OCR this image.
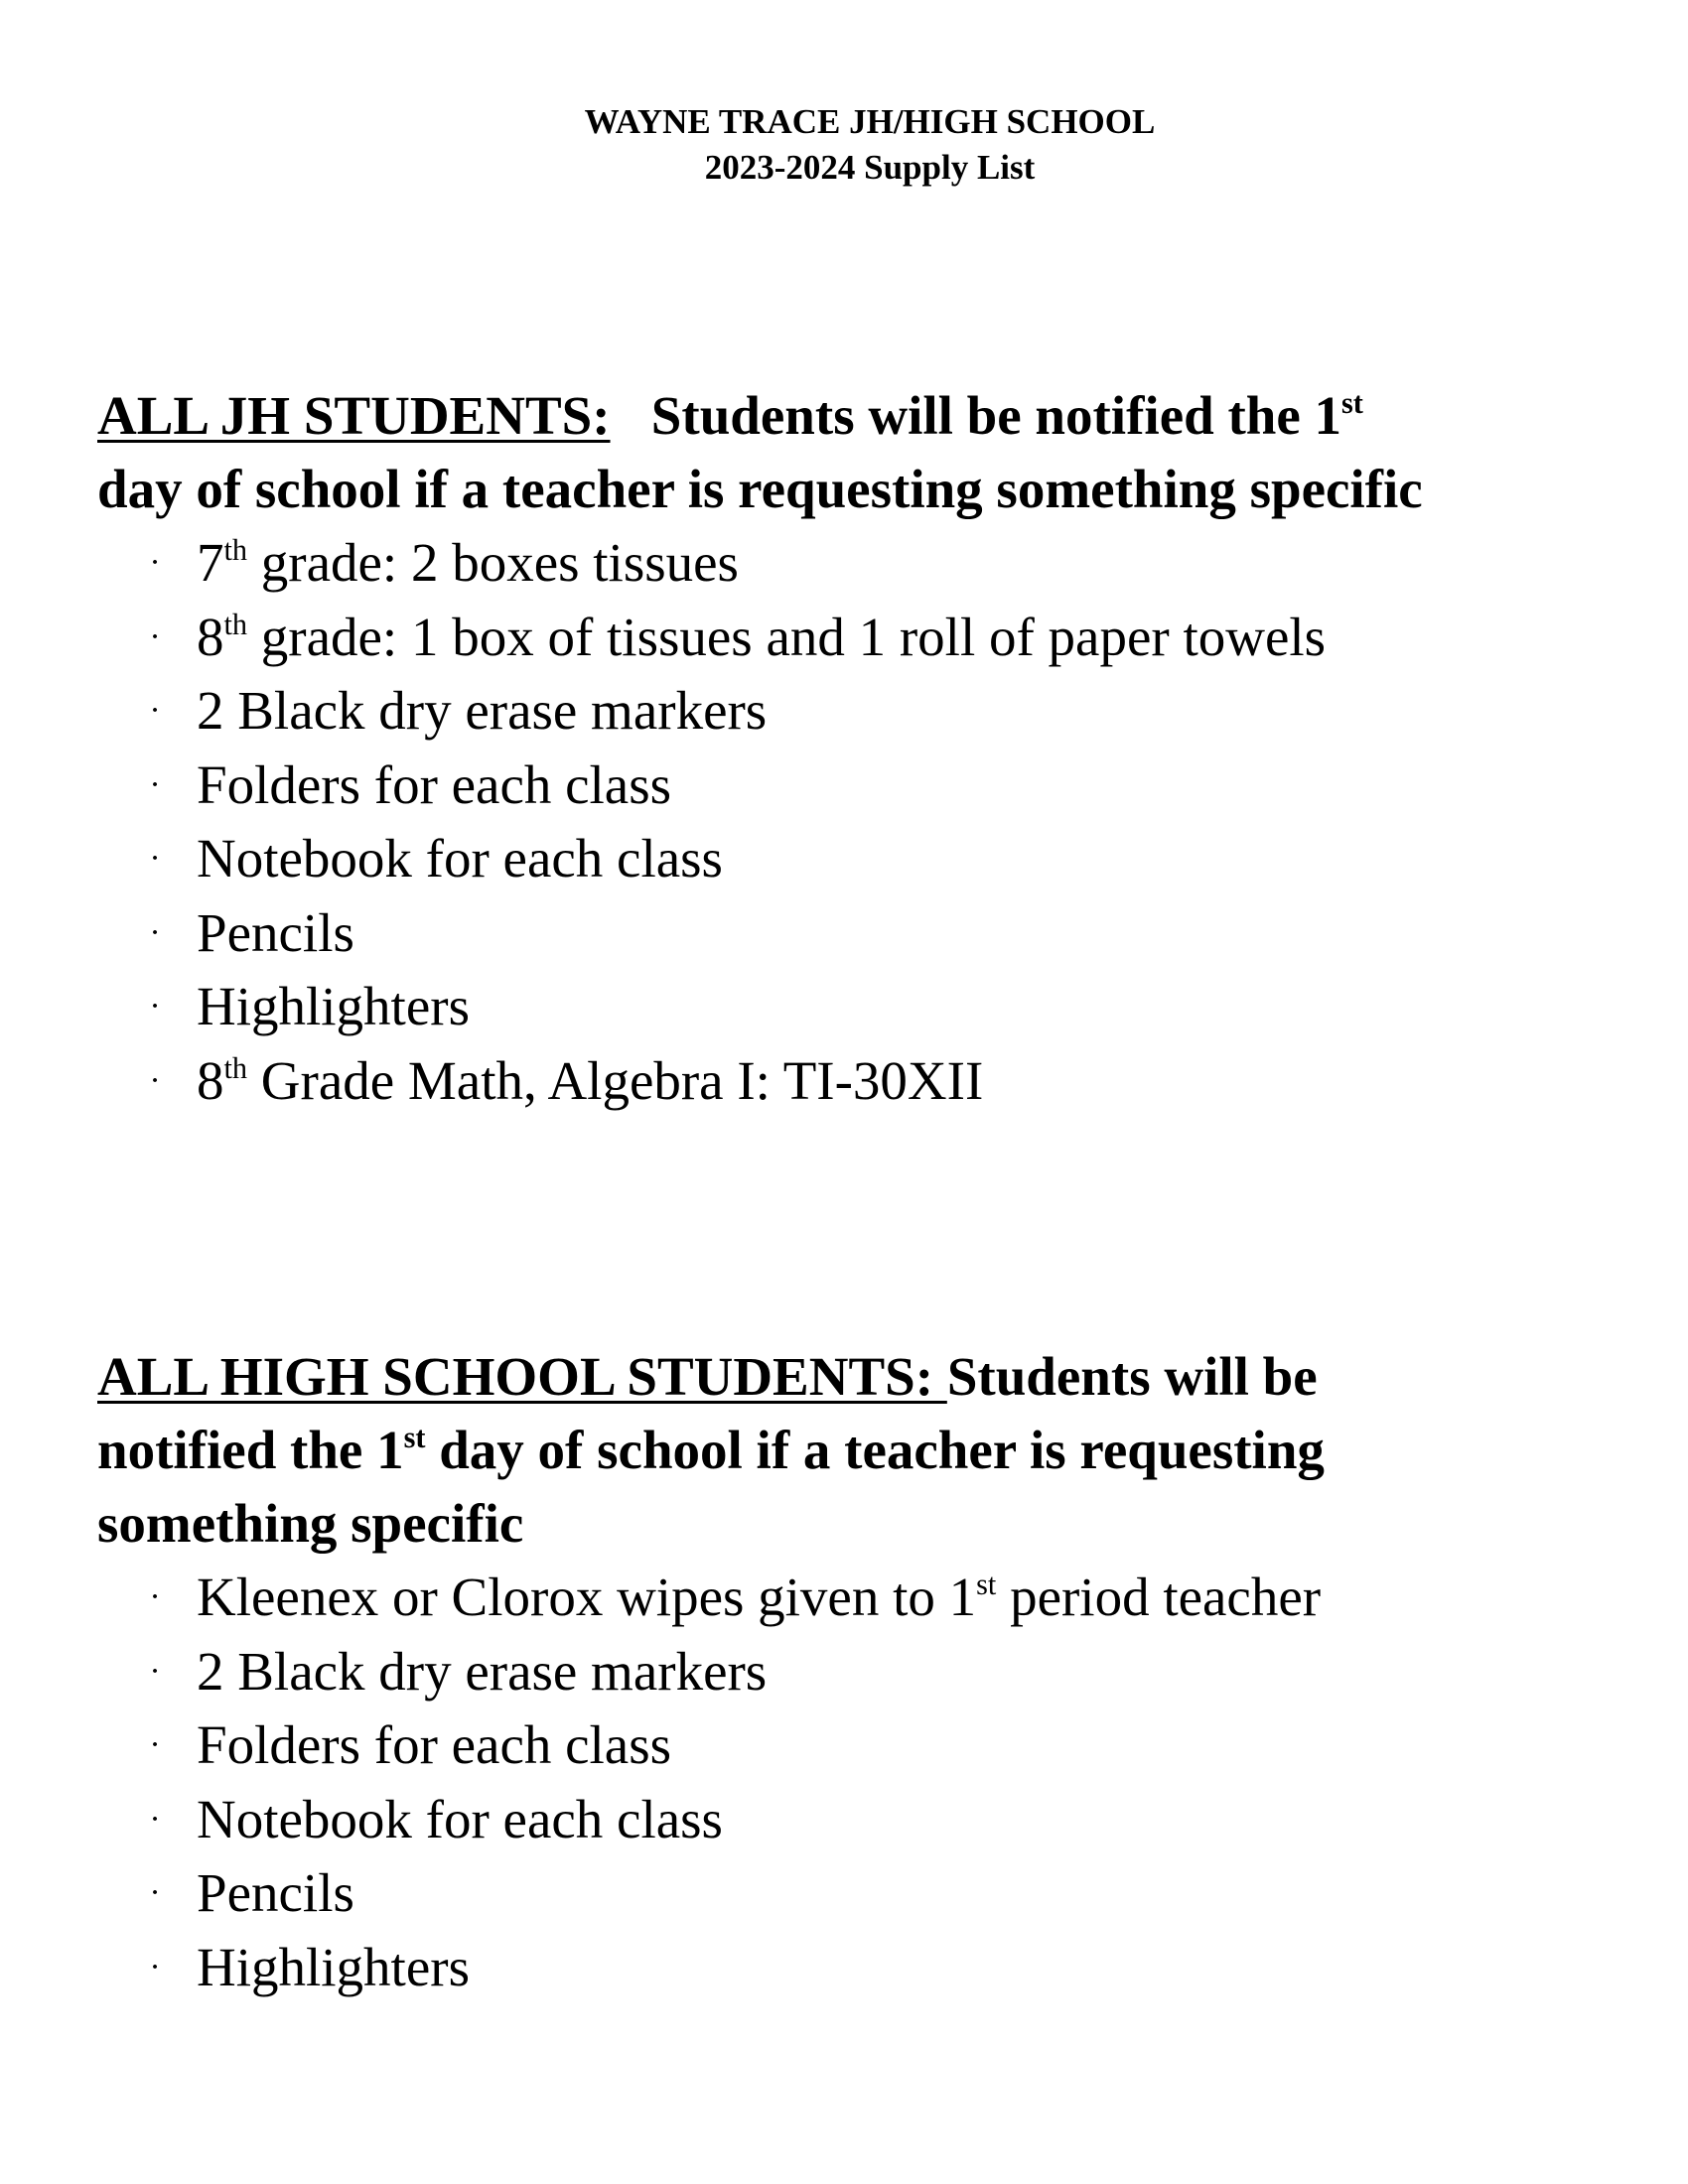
WAYNE TRACE JH/HIGH SCHOOL
2023-2024 Supply List

ALL JH STUDENTS: Students will be notified the 1st
day of school if a teacher is requesting something specific

· 7th grade: 2 boxes tissues
· 8th grade: 1 box of tissues and 1 roll of paper towels
· 2 Black dry erase markers
· Folders for each class
· Notebook for each class
· Pencils
· Highlighters
· 8th Grade Math, Algebra I: TI-30XII

ALL HIGH SCHOOL STUDENTS: Students will be
notified the 1st day of school if a teacher is requesting
something specific

· Kleenex or Clorox wipes given to 1st period teacher
· 2 Black dry erase markers
· Folders for each class
· Notebook for each class
· Pencils
· Highlighters
